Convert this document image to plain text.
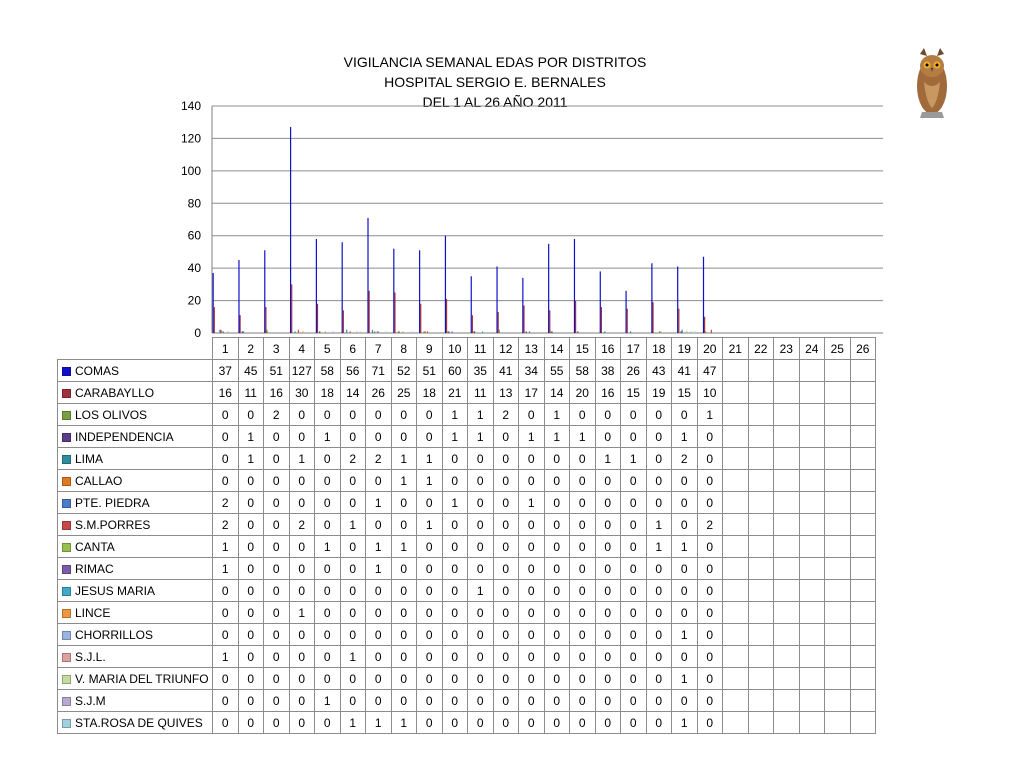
VIGILANCIA SEMANAL EDAS POR DISTRITOS
HOSPITAL SERGIO E. BERNALES
DEL 1 AL 26 AÑO 2011
0
20
40
60
80
100
120
140
	1	2	3	4	5	6	7	8	9	10	11	12	13	14	15	16	17	18	19	20	21	22	23	24	25	26
COMAS	37	45	51	127	58	56	71	52	51	60	35	41	34	55	58	38	26	43	41	47						
CARABAYLLO	16	11	16	30	18	14	26	25	18	21	11	13	17	14	20	16	15	19	15	10						
LOS OLIVOS	0	0	2	0	0	0	0	0	0	1	1	2	0	1	0	0	0	0	0	1						
INDEPENDENCIA	0	1	0	0	1	0	0	0	0	1	1	0	1	1	1	0	0	0	1	0						
LIMA	0	1	0	1	0	2	2	1	1	0	0	0	0	0	0	1	1	0	2	0						
CALLAO	0	0	0	0	0	0	0	1	1	0	0	0	0	0	0	0	0	0	0	0						
PTE. PIEDRA	2	0	0	0	0	0	1	0	0	1	0	0	1	0	0	0	0	0	0	0						
S.M.PORRES	2	0	0	2	0	1	0	0	1	0	0	0	0	0	0	0	0	1	0	2						
CANTA	1	0	0	0	1	0	1	1	0	0	0	0	0	0	0	0	0	1	1	0						
RIMAC	1	0	0	0	0	0	1	0	0	0	0	0	0	0	0	0	0	0	0	0						
JESUS MARIA	0	0	0	0	0	0	0	0	0	0	1	0	0	0	0	0	0	0	0	0						
LINCE	0	0	0	1	0	0	0	0	0	0	0	0	0	0	0	0	0	0	0	0						
CHORRILLOS	0	0	0	0	0	0	0	0	0	0	0	0	0	0	0	0	0	0	1	0						
S.J.L.	1	0	0	0	0	1	0	0	0	0	0	0	0	0	0	0	0	0	0	0						
V. MARIA DEL TRIUNFO	0	0	0	0	0	0	0	0	0	0	0	0	0	0	0	0	0	0	1	0						
S.J.M	0	0	0	0	1	0	0	0	0	0	0	0	0	0	0	0	0	0	0	0						
STA.ROSA DE QUIVES	0	0	0	0	0	1	1	1	0	0	0	0	0	0	0	0	0	0	1	0						
